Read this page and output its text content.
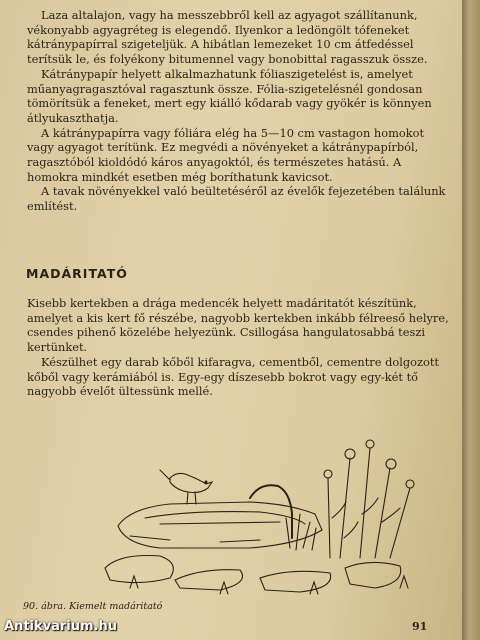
Laza altalajon, vagy ha messzebbről kell az agyagot szállítanunk, vékonyabb agyagréteg is elegendő. Ilyenkor a ledöngölt tófeneket kátránypapírral szigeteljük. A hibátlan lemezeket 10 cm átfedéssel terítsük le, és folyékony bitumennel vagy bonobittal ragasszuk össze.

Kátránypapír helyett alkalmazhatunk fóliaszigetelést is, amelyet műanyagragasztóval ragasztunk össze. Fólia-szigetelésnél gondosan tömörítsük a feneket, mert egy kiálló kődarab vagy gyökér is könnyen átlyukaszthatja.

A kátránypapírra vagy fóliára elég ha 5—10 cm vastagon homokot vagy agyagot terítünk. Ez megvédi a növényeket a kátránypapírból, ragasztóból kioldódó káros anyagoktól, és természetes hatású. A homokra mindkét esetben még boríthatunk kavicsot.

A tavak növényekkel való beültetéséről az évelők fejezetében találunk említést.

MADÁRITATÓ

Kisebb kertekben a drága medencék helyett madáritatót készítünk, amelyet a kis kert fő részébe, nagyobb kertekben inkább félreeső helyre, csendes pihenő közelébe helyezünk. Csillogása hangulatosabbá teszi kertünket.

Készülhet egy darab kőből kifaragva, cementből, cementre dolgozott kőből vagy kerámiából is. Egy-egy díszesebb bokrot vagy egy-két tő nagyobb évelőt ültessünk mellé.

90. ábra. Kiemelt madáritató
91
Antikvarium.hu
